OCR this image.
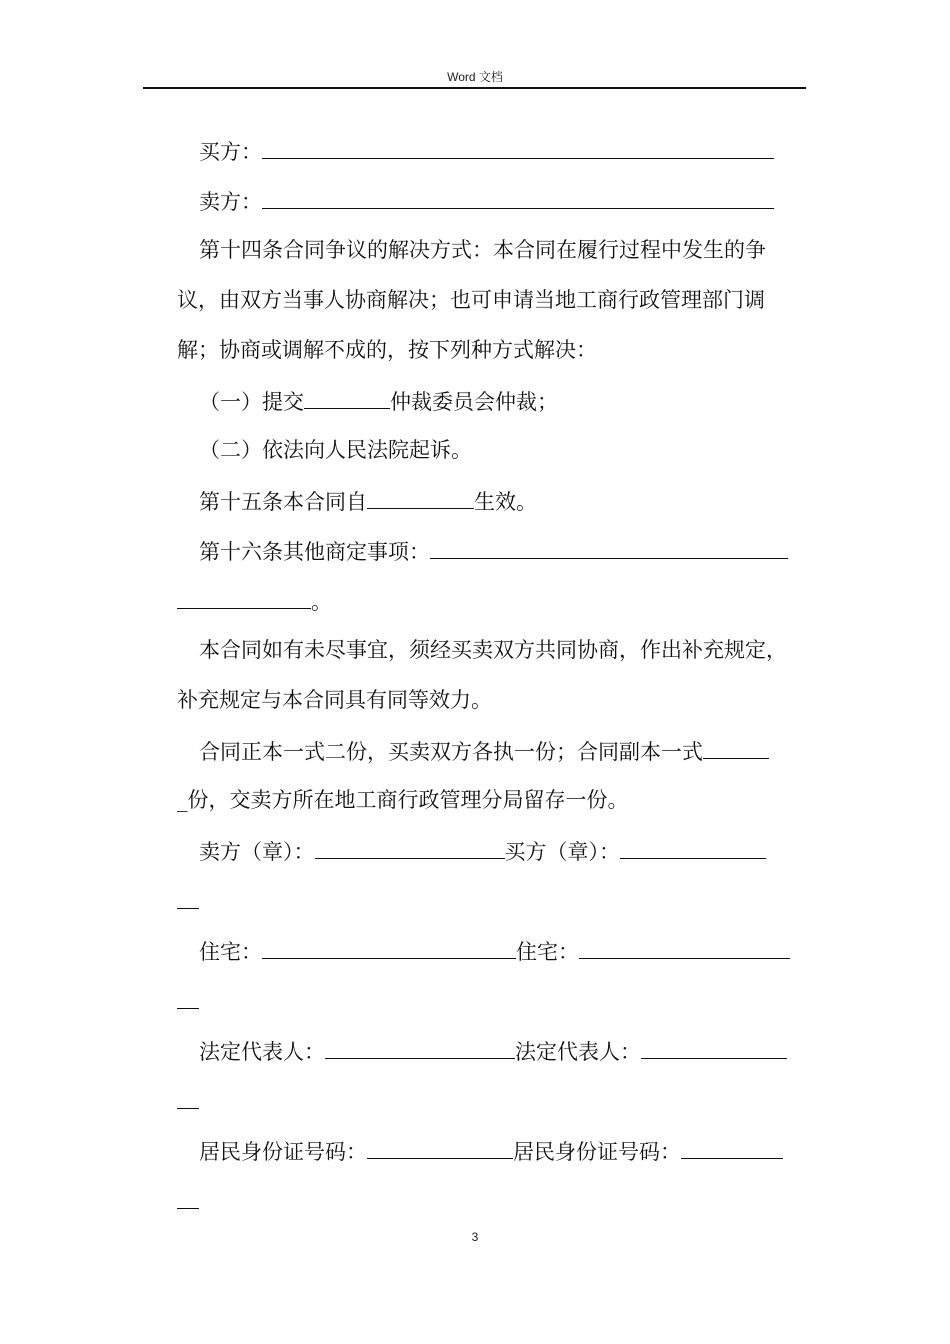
Word 文档
买方：
卖方：
第十四条合同争议的解决方式：本合同在履行过程中发生的争
议，由双方当事人协商解决；也可申请当地工商行政管理部门调
解；协商或调解不成的，按下列种方式解决：
（一）提交	仲裁委员会仲裁；
（二）依法向人民法院起诉。
第十五条本合同自	生效。
第十六条其他商定事项：
。
本合同如有未尽事宜，须经买卖双方共同协商，作出补充规定，
补充规定与本合同具有同等效力。
合同正本一式二份，买卖双方各执一份；合同副本一式
_份，交卖方所在地工商行政管理分局留存一份。
卖方（章）：	买方（章）：
住宅：	住宅：
法定代表人：	法定代表人：
居民身份证号码：	居民身份证号码：
3
